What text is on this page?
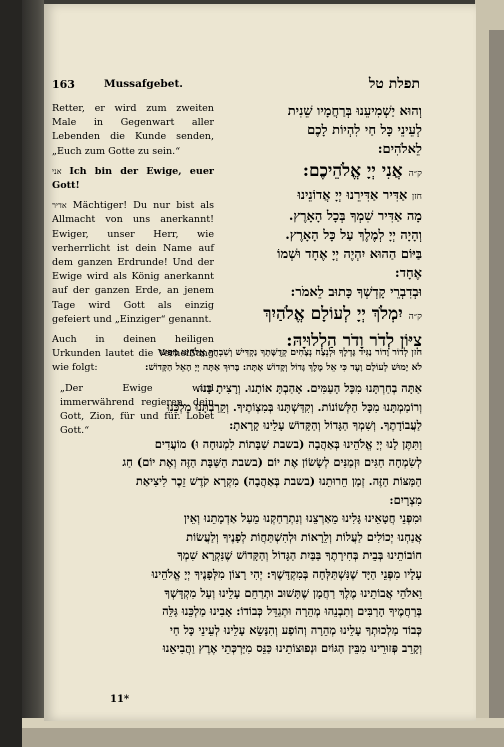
163	Mussafgebet.	תפלת טל

Retter, er wird zum zweiten Male in Gegenwart aller Lebenden die Kunde senden, „Euch zum Gotte zu sein.“

אני Ich bin der Ewige, euer Gott!

אדיר Mächtiger! Du nur bist als Allmacht von uns anerkannt! Ewiger, unser Herr, wie verherrlicht ist dein Name auf dem ganzen Erdrunde! Und der Ewige wird als König anerkannt auf der ganzen Erde, an jenem Tage wird Gott als einzig gefeiert und „Einziger“ genannt.

Auch in deinen heiligen Urkunden lautet die Verheißung wie folgt:

„Der Ewige wird immerwährend regieren, dein Gott, Zion, für und für. Lobet Gott.“

וְהוּא יַשְׁמִיעֵנוּ בְּרַחֲמָיו שֵׁנִית

לְעֵינֵי כָּל חַי לִהְיוֹת לָכֶם

לֵאלֹהִים:

ק״ה אֲנִי יְיָ אֱלֹהֵיכֶם:

חזן אַדִּיר אַדִּירֵנוּ יְיָ אֲדוֹנֵינוּ

מָה אַדִּיר שִׁמְךָ בְּכָל הָאָרֶץ.

וְהָיָה יְיָ לְמֶלֶךְ עַל כָּל הָאָרֶץ.

בַּיּוֹם הַהוּא יִהְיֶה יְיָ אֶחָד וּשְׁמוֹ

אֶחָד:

וּבְדִבְרֵי קָדְשְׁךָ כָּתוּב לֵאמֹר:

ק״ה יִמְלֹךְ יְיָ לְעוֹלָם אֱלֹהַיִךְ

צִיּוֹן לְדֹר וָדֹר הַלְלוּיָהּ:

חזן לְדוֹר וָדוֹר נַגִּיד גָּדְלֶךָ וּלְנֵצַח נְצָחִים קְדֻשָּׁתְךָ נַקְדִּישׁ וְשִׁבְחֲךָ אֱלֹהֵינוּ מִפִּינוּ
לֹא יָמוּשׁ לְעוֹלָם וָעֶד כִּי אֵל מֶלֶךְ גָּדוֹל וְקָדוֹשׁ אָתָּה: בָּרוּךְ אַתָּה יְיָ הָאֵל הַקָּדוֹשׁ:
אַתָּה בְחַרְתָּנוּ מִכָּל הָעַמִּים. אָהַבְתָּ אוֹתָנוּ. וְרָצִיתָ בָּנוּ.
וְרוֹמַמְתָּנוּ מִכָּל הַלְּשׁוֹנוֹת. וְקִדַּשְׁתָּנוּ בְּמִצְוֹתֶיךָ. וְקֵרַבְתָּנוּ מַלְכֵּנוּ
לַעֲבוֹדָתֶךָ. וְשִׁמְךָ הַגָּדוֹל וְהַקָּדוֹשׁ עָלֵינוּ קָרָאתָ:
וַתִּתֶּן לָנוּ יְיָ אֱלֹהֵינוּ בְּאַהֲבָה (בשבת שַׁבָּתוֹת לִמְנוּחָה וּ) מוֹעֲדִים
לְשִׂמְחָה חַגִּים וּזְמַנִּים לְשָׂשׂוֹן אֶת יוֹם (בשבת הַשַּׁבָּת הַזֶּה וְאֶת יוֹם) חַג
הַמַּצּוֹת הַזֶּה. זְמַן חֵרוּתֵנוּ (בשבת בְּאַהֲבָה) מִקְרָא קֹדֶשׁ זֵכֶר לִיצִיאַת
מִצְרָיִם:
וּמִפְּנֵי חֲטָאֵינוּ גָּלִינוּ מֵאַרְצֵנוּ וְנִתְרַחַקְנוּ מֵעַל אַדְמָתֵנוּ וְאֵין
אֲנַחְנוּ יְכוֹלִים לַעֲלוֹת וְלֵרָאוֹת וּלְהִשְׁתַּחֲוֹת לְפָנֶיךָ וְלַעֲשׂוֹת
חוֹבוֹתֵינוּ בְּבֵית בְּחִירָתֶךָ בַּבַּיִת הַגָּדוֹל וְהַקָּדוֹשׁ שֶׁנִּקְרָא שִׁמְךָ
עָלָיו מִפְּנֵי הַיָּד שֶׁנִּשְׁתַּלְּחָה בְּמִקְדָּשֶׁךָ: יְהִי רָצוֹן מִלְּפָנֶיךָ יְיָ אֱלֹהֵינוּ
וֵאלֹהֵי אֲבוֹתֵינוּ מֶלֶךְ רַחֲמָן שֶׁתָּשׁוּב וּתְרַחֵם עָלֵינוּ וְעַל מִקְדָּשְׁךָ
בְּרַחֲמֶיךָ הָרַבִּים וְתִבְנֵהוּ מְהֵרָה וּתְגַדֵּל כְּבוֹדוֹ: אָבִינוּ מַלְכֵּנוּ גַּלֵּה
כְּבוֹד מַלְכוּתְךָ עָלֵינוּ מְהֵרָה וְהוֹפַע וְהִנָּשֵׂא עָלֵינוּ לְעֵינֵי כָּל חַי
וְקָרֵב פְּזוּרֵינוּ מִבֵּין הַגּוֹיִם וּנְפוּצוֹתֵינוּ כַּנֵּס מִיַּרְכְּתֵי אֶרֶץ וַהֲבִיאֵנוּ
11*
